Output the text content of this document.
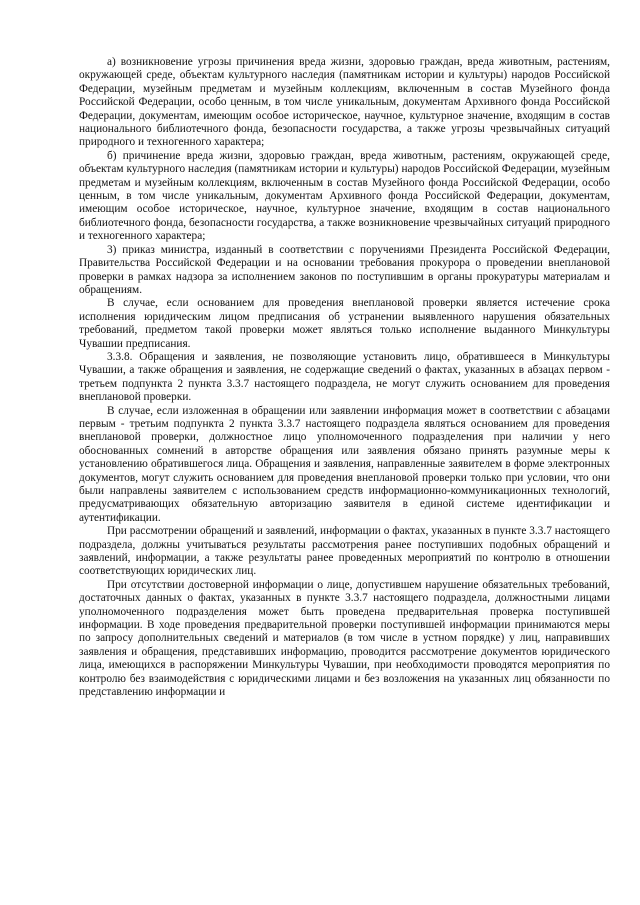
а) возникновение угрозы причинения вреда жизни, здоровью граждан, вреда животным, растениям, окружающей среде, объектам культурного наследия (памятникам истории и культуры) народов Российской Федерации, музейным предметам и музейным коллекциям, включенным в состав Музейного фонда Российской Федерации, особо ценным, в том числе уникальным, документам Архивного фонда Российской Федерации, документам, имеющим особое историческое, научное, культурное значение, входящим в состав национального библиотечного фонда, безопасности государства, а также угрозы чрезвычайных ситуаций природного и техногенного характера;

б) причинение вреда жизни, здоровью граждан, вреда животным, растениям, окружающей среде, объектам культурного наследия (памятникам истории и культуры) народов Российской Федерации, музейным предметам и музейным коллекциям, включенным в состав Музейного фонда Российской Федерации, особо ценным, в том числе уникальным, документам Архивного фонда Российской Федерации, документам, имеющим особое историческое, научное, культурное значение, входящим в состав национального библиотечного фонда, безопасности государства, а также возникновение чрезвычайных ситуаций природного и техногенного характера;

3) приказ министра, изданный в соответствии с поручениями Президента Российской Федерации, Правительства Российской Федерации и на основании требования прокурора о проведении внеплановой проверки в рамках надзора за исполнением законов по поступившим в органы прокуратуры материалам и обращениям.

В случае, если основанием для проведения внеплановой проверки является истечение срока исполнения юридическим лицом предписания об устранении выявленного нарушения обязательных требований, предметом такой проверки может являться только исполнение выданного Минкультуры Чувашии предписания.

3.3.8. Обращения и заявления, не позволяющие установить лицо, обратившееся в Минкультуры Чувашии, а также обращения и заявления, не содержащие сведений о фактах, указанных в абзацах первом - третьем подпункта 2 пункта 3.3.7 настоящего подраздела, не могут служить основанием для проведения внеплановой проверки.

В случае, если изложенная в обращении или заявлении информация может в соответствии с абзацами первым - третьим подпункта 2 пункта 3.3.7 настоящего подраздела являться основанием для проведения внеплановой проверки, должностное лицо уполномоченного подразделения при наличии у него обоснованных сомнений в авторстве обращения или заявления обязано принять разумные меры к установлению обратившегося лица. Обращения и заявления, направленные заявителем в форме электронных документов, могут служить основанием для проведения внеплановой проверки только при условии, что они были направлены заявителем с использованием средств информационно-коммуникационных технологий, предусматривающих обязательную авторизацию заявителя в единой системе идентификации и аутентификации.

При рассмотрении обращений и заявлений, информации о фактах, указанных в пункте 3.3.7 настоящего подраздела, должны учитываться результаты рассмотрения ранее поступивших подобных обращений и заявлений, информации, а также результаты ранее проведенных мероприятий по контролю в отношении соответствующих юридических лиц.

При отсутствии достоверной информации о лице, допустившем нарушение обязательных требований, достаточных данных о фактах, указанных в пункте 3.3.7 настоящего подраздела, должностными лицами уполномоченного подразделения может быть проведена предварительная проверка поступившей информации. В ходе проведения предварительной проверки поступившей информации принимаются меры по запросу дополнительных сведений и материалов (в том числе в устном порядке) у лиц, направивших заявления и обращения, представивших информацию, проводится рассмотрение документов юридического лица, имеющихся в распоряжении Минкультуры Чувашии, при необходимости проводятся мероприятия по контролю без взаимодействия с юридическими лицами и без возложения на указанных лиц обязанности по представлению информации и
